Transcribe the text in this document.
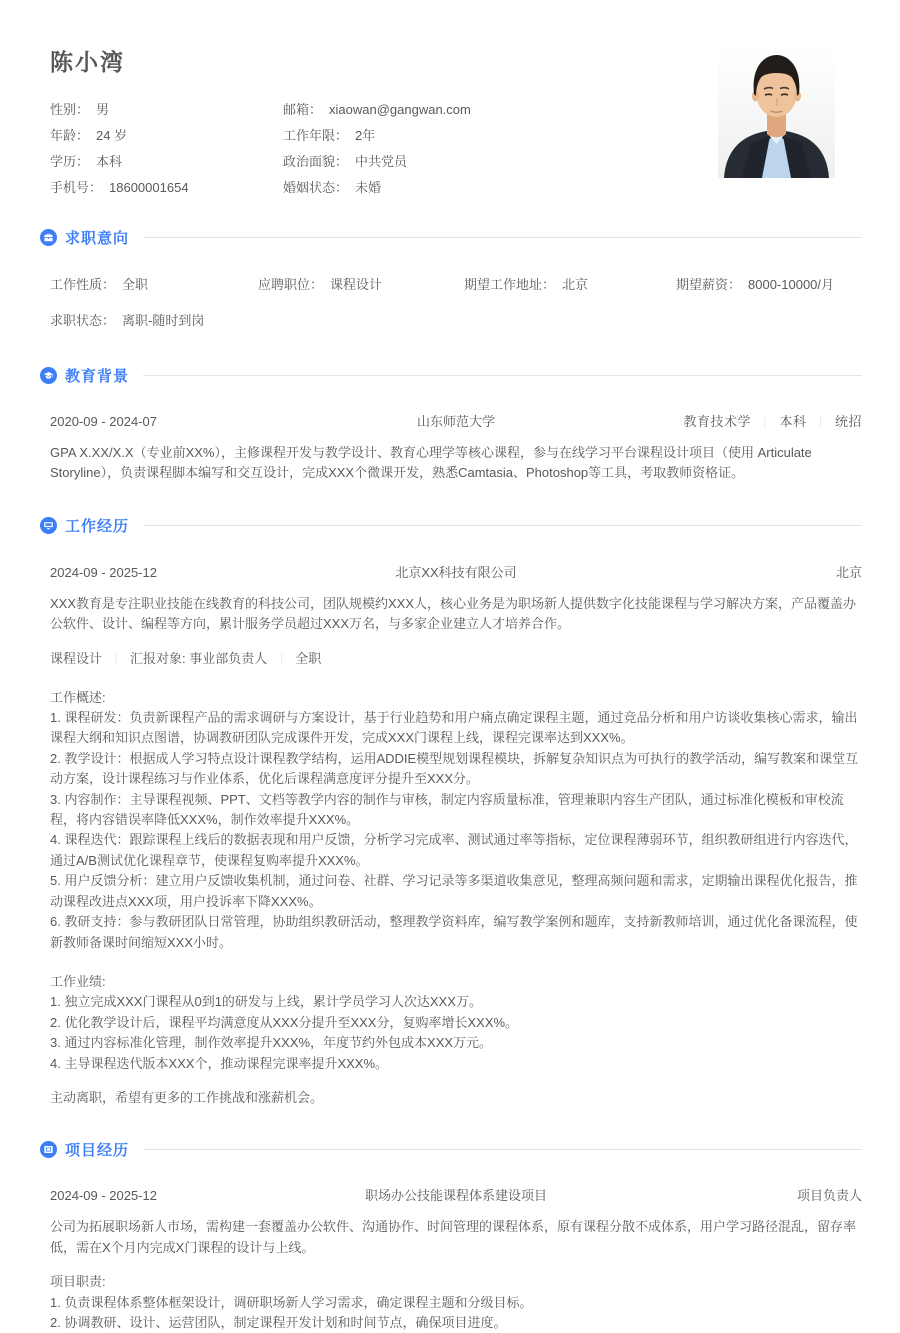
陈小湾
性别： 男	邮箱： xiaowan@gangwan.com
年龄： 24 岁	工作年限： 2年
学历： 本科	政治面貌： 中共党员
手机号： 18600001654	婚姻状态： 未婚
求职意向
工作性质： 全职	应聘职位： 课程设计	期望工作地址： 北京	期望薪资： 8000-10000/月
求职状态： 离职-随时到岗
教育背景
2020-09 - 2024-07	山东师范大学	教育技术学 ｜ 本科 ｜ 统招

GPA X.XX/X.X（专业前XX%），主修课程开发与教学设计、教育心理学等核心课程，参与在线学习平台课程设计项目（使用 Articulate Storyline），负责课程脚本编写和交互设计，完成XXX个微课开发，熟悉Camtasia、Photoshop等工具，考取教师资格证。

工作经历
2024-09 - 2025-12	北京XX科技有限公司	北京

XXX教育是专注职业技能在线教育的科技公司，团队规模约XXX人，核心业务是为职场新人提供数字化技能课程与学习解决方案，产品覆盖办公软件、设计、编程等方向，累计服务学员超过XXX万名，与多家企业建立人才培养合作。

课程设计 ｜ 汇报对象: 事业部负责人 ｜ 全职
工作概述:
1. 课程研发：负责新课程产品的需求调研与方案设计，基于行业趋势和用户痛点确定课程主题，通过竞品分析和用户访谈收集核心需求，输出课程大纲和知识点图谱，协调教研团队完成课件开发，完成XXX门课程上线，课程完课率达到XXX%。
2. 教学设计：根据成人学习特点设计课程教学结构，运用ADDIE模型规划课程模块，拆解复杂知识点为可执行的教学活动，编写教案和课堂互动方案，设计课程练习与作业体系，优化后课程满意度评分提升至XXX分。
3. 内容制作：主导课程视频、PPT、文档等教学内容的制作与审核，制定内容质量标准，管理兼职内容生产团队，通过标准化模板和审校流程，将内容错误率降低XXX%，制作效率提升XXX%。
4. 课程迭代：跟踪课程上线后的数据表现和用户反馈，分析学习完成率、测试通过率等指标，定位课程薄弱环节，组织教研组进行内容迭代，通过A/B测试优化课程章节，使课程复购率提升XXX%。
5. 用户反馈分析：建立用户反馈收集机制，通过问卷、社群、学习记录等多渠道收集意见，整理高频问题和需求，定期输出课程优化报告，推动课程改进点XXX项，用户投诉率下降XXX%。
6. 教研支持：参与教研团队日常管理，协助组织教研活动，整理教学资料库，编写教学案例和题库，支持新教师培训，通过优化备课流程，使新教师备课时间缩短XXX小时。
工作业绩:
1. 独立完成XXX门课程从0到1的研发与上线，累计学员学习人次达XXX万。
2. 优化教学设计后，课程平均满意度从XXX分提升至XXX分，复购率增长XXX%。
3. 通过内容标准化管理，制作效率提升XXX%，年度节约外包成本XXX万元。
4. 主导课程迭代版本XXX个，推动课程完课率提升XXX%。

主动离职，希望有更多的工作挑战和涨薪机会。

项目经历
2024-09 - 2025-12	职场办公技能课程体系建设项目	项目负责人

公司为拓展职场新人市场，需构建一套覆盖办公软件、沟通协作、时间管理的课程体系，原有课程分散不成体系，用户学习路径混乱，留存率低，需在X个月内完成X门课程的设计与上线。

项目职责:
1. 负责课程体系整体框架设计，调研职场新人学习需求，确定课程主题和分级目标。
2. 协调教研、设计、运营团队，制定课程开发计划和时间节点，确保项目进度。
